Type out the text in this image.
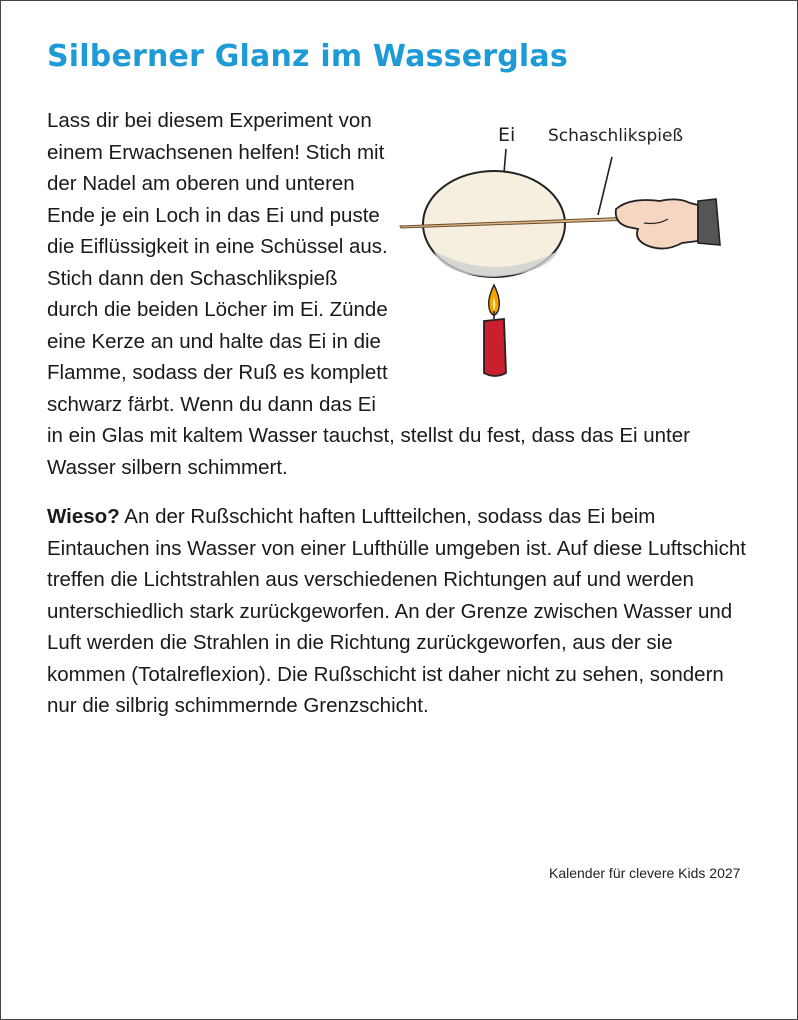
Silberner Glanz im Wasserglas
Ei Schaschlikspieß

Lass dir bei diesem Experiment von einem Erwachsenen helfen! Stich mit der Nadel am oberen und unteren Ende je ein Loch in das Ei und puste die Eiflüssigkeit in eine Schüssel aus. Stich dann den Schaschlikspieß durch die beiden Löcher im Ei. Zünde eine Kerze an und halte das Ei in die Flamme, sodass der Ruß es komplett schwarz färbt. Wenn du dann das Ei in ein Glas mit kaltem Wasser tauchst, stellst du fest, dass das Ei unter Wasser silbern schimmert.

Wieso? An der Rußschicht haften Luftteilchen, sodass das Ei beim Eintauchen ins Wasser von einer Lufthülle umgeben ist. Auf diese Luftschicht treffen die Lichtstrahlen aus verschiedenen Richtungen auf und werden unterschiedlich stark zurückgeworfen. An der Grenze zwischen Wasser und Luft werden die Strahlen in die Richtung zurückgeworfen, aus der sie kommen (Totalreflexion). Die Rußschicht ist daher nicht zu sehen, sondern nur die silbrig schimmernde Grenzschicht.

Kalender für clevere Kids 2027
